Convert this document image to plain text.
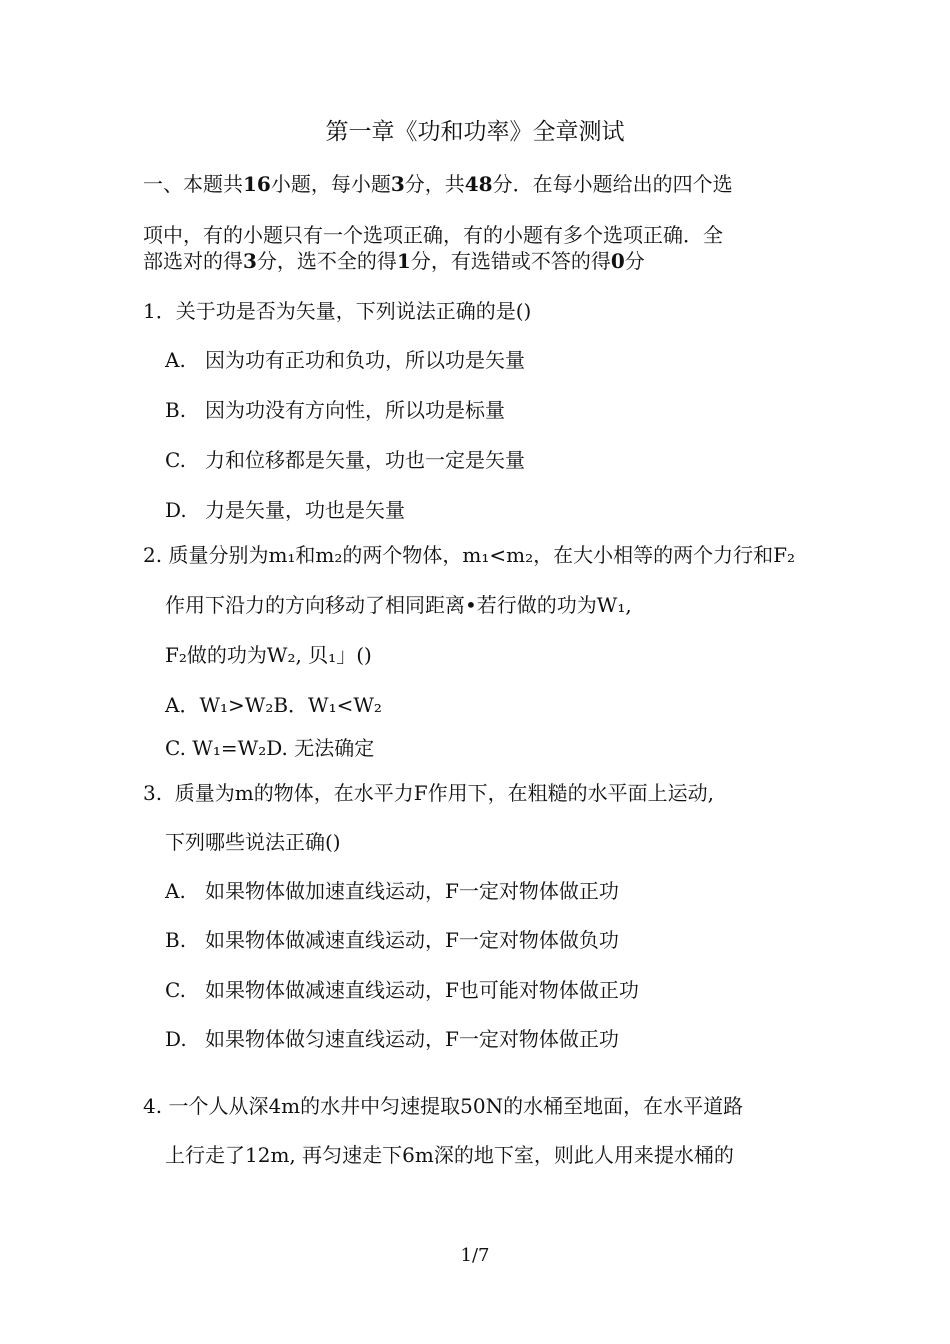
第一章《功和功率》全章测试
一、本题共16小题，每小题3分，共48分．在每小题给出的四个选
项中，有的小题只有一个选项正确，有的小题有多个选项正确．全
部选对的得3分，选不全的得1分，有选错或不答的得0分
1．关于功是否为矢量，下列说法正确的是()
A. 因为功有正功和负功，所以功是矢量
B. 因为功没有方向性，所以功是标量
C. 力和位移都是矢量，功也一定是矢量
D. 力是矢量，功也是矢量
2. 质量分别为m₁和m₂的两个物体，m₁<m₂，在大小相等的两个力行和F₂
作用下沿力的方向移动了相同距离•若行做的功为W₁,
F₂做的功为W₂, 贝₁」()
A．W₁>W₂B．W₁<W₂
C. W₁=W₂D. 无法确定
3.  质量为m的物体，在水平力F作用下，在粗糙的水平面上运动,
下列哪些说法正确()
A. 如果物体做加速直线运动，F一定对物体做正功
B. 如果物体做减速直线运动，F一定对物体做负功
C. 如果物体做减速直线运动，F也可能对物体做正功
D. 如果物体做匀速直线运动，F一定对物体做正功
4. 一个人从深4m的水井中匀速提取50N的水桶至地面，在水平道路
上行走了12m, 再匀速走下6m深的地下室，则此人用来提水桶的
1/7
